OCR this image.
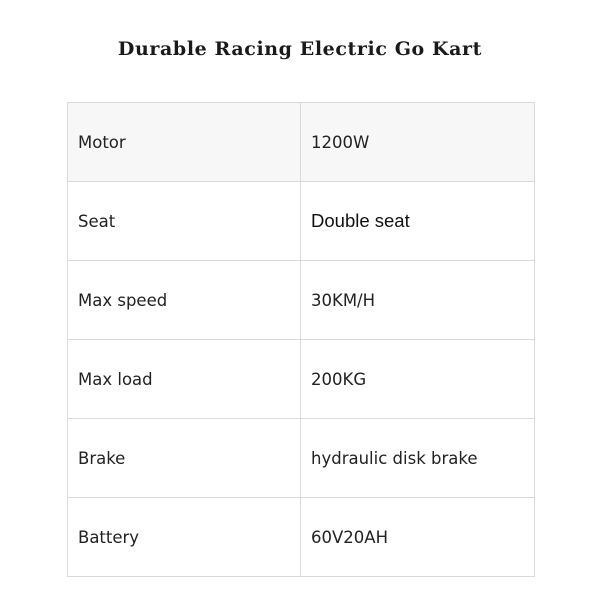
Durable Racing Electric Go Kart
Motor	1200W
Seat	Double seat
Max speed	30KM/H
Max load	200KG
Brake	hydraulic disk brake
Battery	60V20AH
